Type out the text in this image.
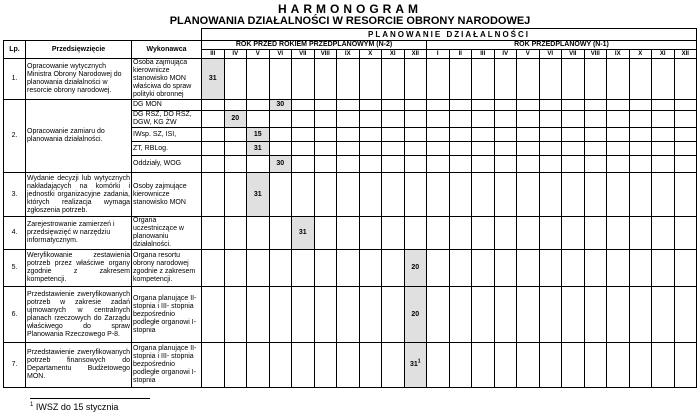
HARMONOGRAM
PLANOWANIA DZIAŁALNOŚCI W RESORCIE OBRONY NARODOWEJ
			PLANOWANIE DZIAŁALNOŚCI																					
Lp.	Przedsięwzięcie	Wykonawca	ROK PRZED ROKIEM PRZEDPLANOWYM (N-2)										ROK PRZEDPLANOWY (N-1)											
			III	IV	V	VI	VII	VIII	IX	X	XI	XII	I	II	III	IV	V	VI	VII	VIII	IX	X	XI	XII
1.	Opracowanie wytycznych Ministra Obrony Narodowej do planowania działalności w resorcie obrony narodowej.	Osoba zajmująca kierownicze stanowisko MON właściwa do spraw polityki obronnej	31																					
2.	Opracowanie zamiaru do planowania działalności.	DG MON				30																		
		DG RSZ, DO RSZ, DGW, KG ŻW		20																				
		IWsp. SZ, ISI,			15																			
		ZT, RBLog.			31																			
		Oddziały, WOG				30																		
3.	Wydanie decyzji lub wytycznych nakładających na komórki i jednostki organizacyjne zadania, których realizacja wymaga zgłoszenia potrzeb.	Osoby zajmujące kierownicze stanowisko MON			31																			
4.	Zarejestrowanie zamierzeń i przedsięwzięć w narzędziu informatycznym.	Organa uczestniczące w planowaniu działalności.					31																	
5.	Weryfikowanie zestawienia potrzeb przez właściwe organy zgodnie z zakresem kompetencji.	Organa resortu obrony narodowej zgodnie z zakresem kompetencji.										20												
6.	Przedstawienie zweryfikowanych potrzeb w zakresie zadań ujmowanych w centralnych planach rzeczowych do Zarządu właściwego do spraw Planowania Rzeczowego P-8.	Organa planujące II- stopnia i III- stopnia bezpośrednio podległe organowi I- stopnia										20												
7.	Przedstawienie zweryfikowanych potrzeb finansowych do Departamentu Budżetowego MON.	Organa planujące II- stopnia i III- stopnia bezpośrednio podległe organowi I- stopnia										$31^1$												
$^1$ IWSZ do 15 stycznia
